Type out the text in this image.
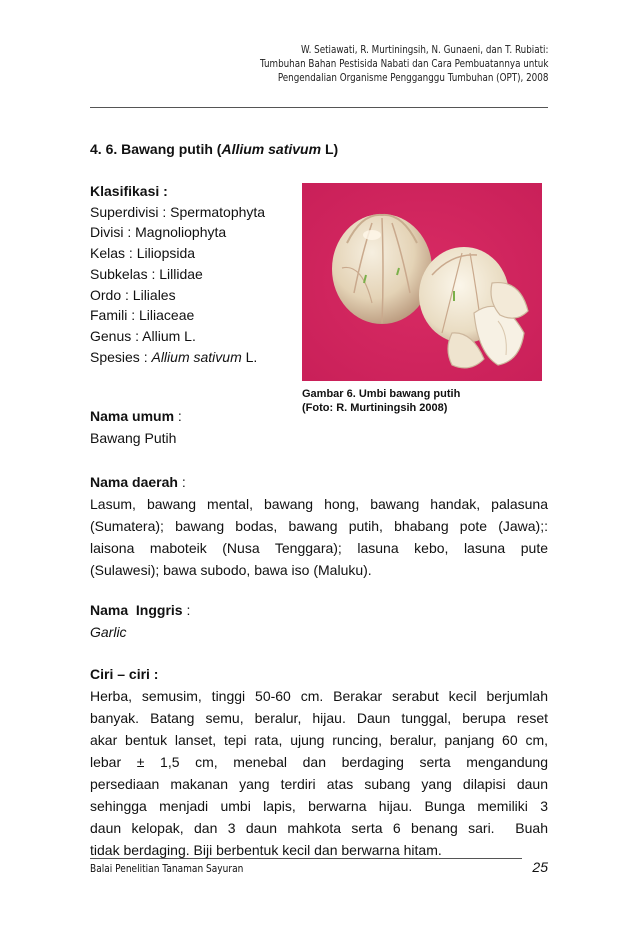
W. Setiawati, R. Murtiningsih, N. Gunaeni, dan T. Rubiati:
Tumbuhan Bahan Pestisida Nabati dan Cara Pembuatannya untuk
Pengendalian Organisme Pengganggu Tumbuhan (OPT), 2008
4. 6. Bawang putih (Allium sativum L)
Klasifikasi :
Superdivisi : Spermatophyta
Divisi : Magnoliophyta
Kelas : Liliopsida
Subkelas : Lillidae
Ordo : Liliales
Famili : Liliaceae
Genus : Allium L.
Spesies : Allium sativum L.
Gambar 6. Umbi bawang putih
(Foto: R. Murtiningsih 2008)
Nama umum :
Bawang Putih
Nama daerah :
Lasum, bawang mental, bawang hong, bawang handak, palasuna
(Sumatera); bawang bodas, bawang putih, bhabang pote (Jawa);:
laisona maboteik (Nusa Tenggara); lasuna kebo, lasuna pute
(Sulawesi); bawa subodo, bawa iso (Maluku).
Nama  Inggris :
Garlic
Ciri – ciri :
Herba, semusim, tinggi 50-60 cm. Berakar serabut kecil berjumlah
banyak. Batang semu, beralur, hijau. Daun tunggal, berupa reset
akar bentuk lanset, tepi rata, ujung runcing, beralur, panjang 60 cm,
lebar ± 1,5 cm, menebal dan berdaging serta mengandung
persediaan makanan yang terdiri atas subang yang dilapisi daun
sehingga menjadi umbi lapis, berwarna hijau. Bunga memiliki 3
daun kelopak, dan 3 daun mahkota serta 6 benang sari.  Buah
tidak berdaging. Biji berbentuk kecil dan berwarna hitam.
Balai Penelitian Tanaman Sayuran	25
